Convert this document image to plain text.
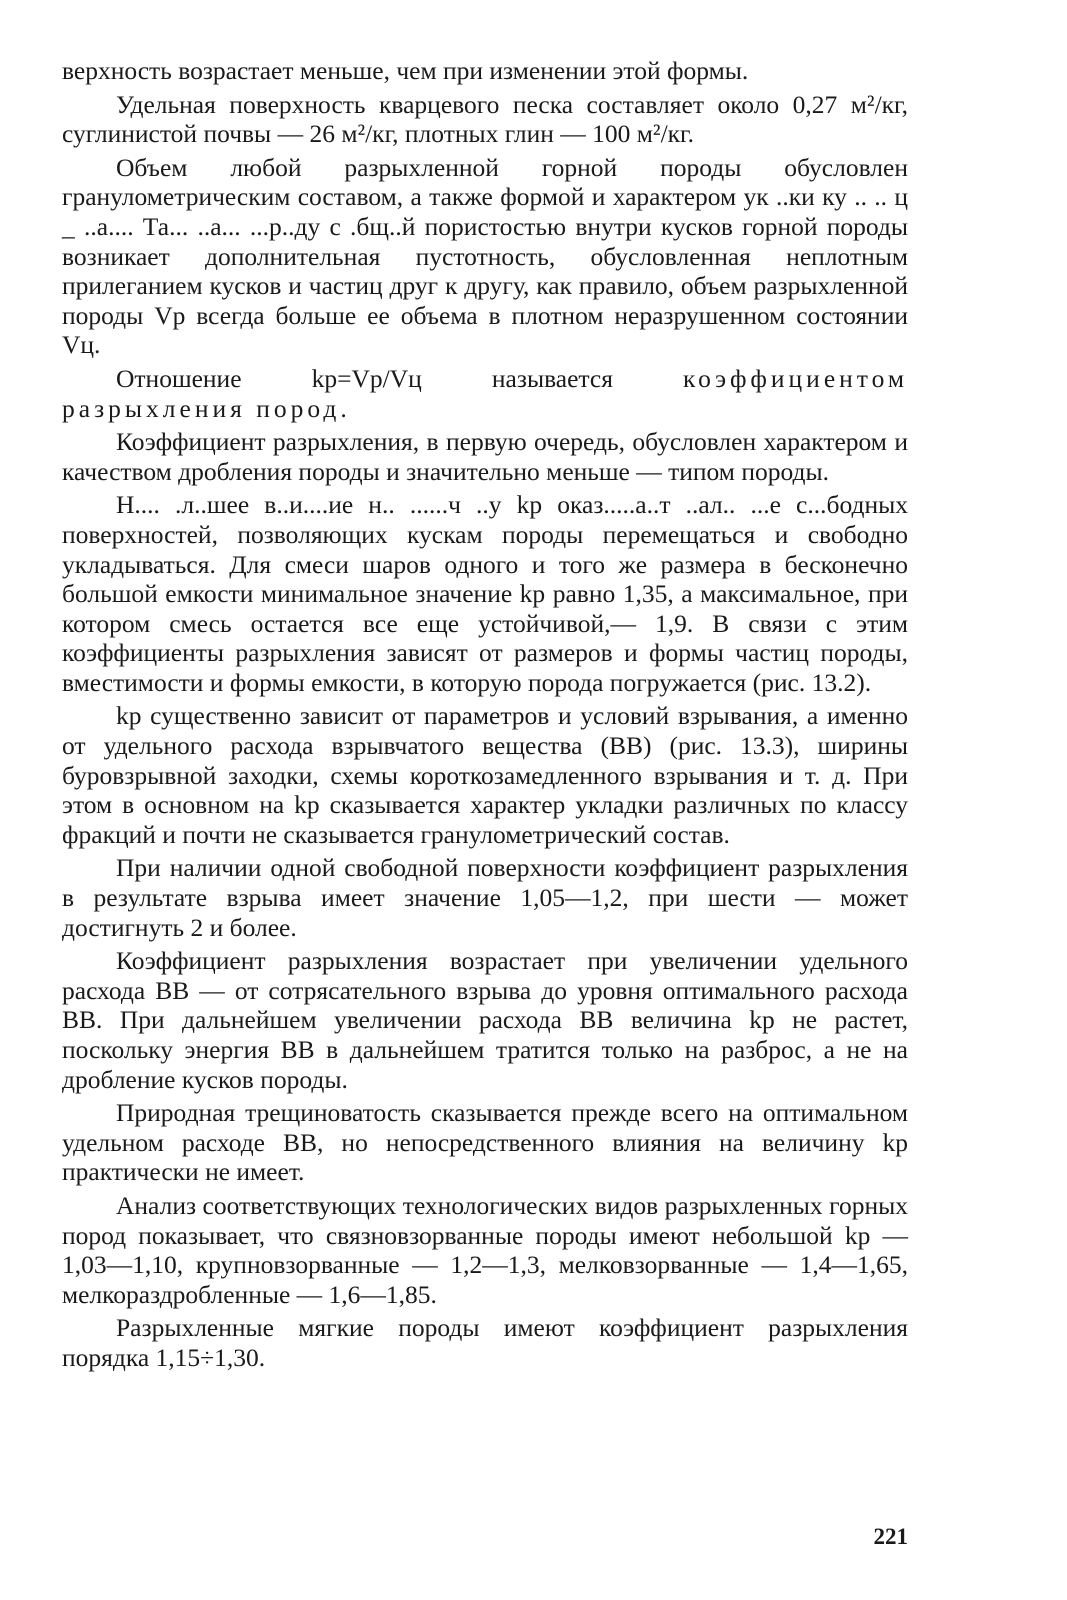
верхность возрастает меньше, чем при изменении этой формы.

Удельная поверхность кварцевого песка составляет около 0,27 м²/кг, суглинистой почвы — 26 м²/кг, плотных глин — 100 м²/кг.

Объем любой разрыхленной горной породы обусловлен гранулометрическим составом, а также формой и характером ук ..ки ку .. .. ц _ ..а.... Та... ..а... ...р..ду с .бщ..й пористостью внутри кусков горной породы возникает дополнительная пустотность, обусловленная неплотным прилеганием кусков и частиц друг к другу, как правило, объем разрыхленной породы Vр всегда больше ее объема в плотном неразрушенном состоянии Vц.

Отношение kр=Vр/Vц называется коэффициентом разрыхления пород.

Коэффициент разрыхления, в первую очередь, обусловлен характером и качеством дробления породы и значительно меньше — типом породы.

Н.... .л..шее в..и....ие н.. ......ч ..у kр оказ.....а..т ..ал.. ...е с...бодных поверхностей, позволяющих кускам породы перемещаться и свободно укладываться. Для смеси шаров одного и того же размера в бесконечно большой емкости минимальное значение kр равно 1,35, а максимальное, при котором смесь остается все еще устойчивой,— 1,9. В связи с этим коэффициенты разрыхления зависят от размеров и формы частиц породы, вместимости и формы емкости, в которую порода погружается (рис. 13.2).

kр существенно зависит от параметров и условий взрывания, а именно от удельного расхода взрывчатого вещества (ВВ) (рис. 13.3), ширины буровзрывной заходки, схемы короткозамедленного взрывания и т. д. При этом в основном на kр сказывается характер укладки различных по классу фракций и почти не сказывается гранулометрический состав.

При наличии одной свободной поверхности коэффициент разрыхления в результате взрыва имеет значение 1,05—1,2, при шести — может достигнуть 2 и более.

Коэффициент разрыхления возрастает при увеличении удельного расхода ВВ — от сотрясательного взрыва до уровня оптимального расхода ВВ. При дальнейшем увеличении расхода ВВ величина kр не растет, поскольку энергия ВВ в дальнейшем тратится только на разброс, а не на дробление кусков породы.

Природная трещиноватость сказывается прежде всего на оптимальном удельном расходе ВВ, но непосредственного влияния на величину kр практически не имеет.

Анализ соответствующих технологических видов разрыхленных горных пород показывает, что связновзорванные породы имеют небольшой kр — 1,03—1,10, крупновзорванные — 1,2—1,3, мелковзорванные — 1,4—1,65, мелкораздробленные — 1,6—1,85.

Разрыхленные мягкие породы имеют коэффициент разрыхления порядка 1,15÷1,30.

221
